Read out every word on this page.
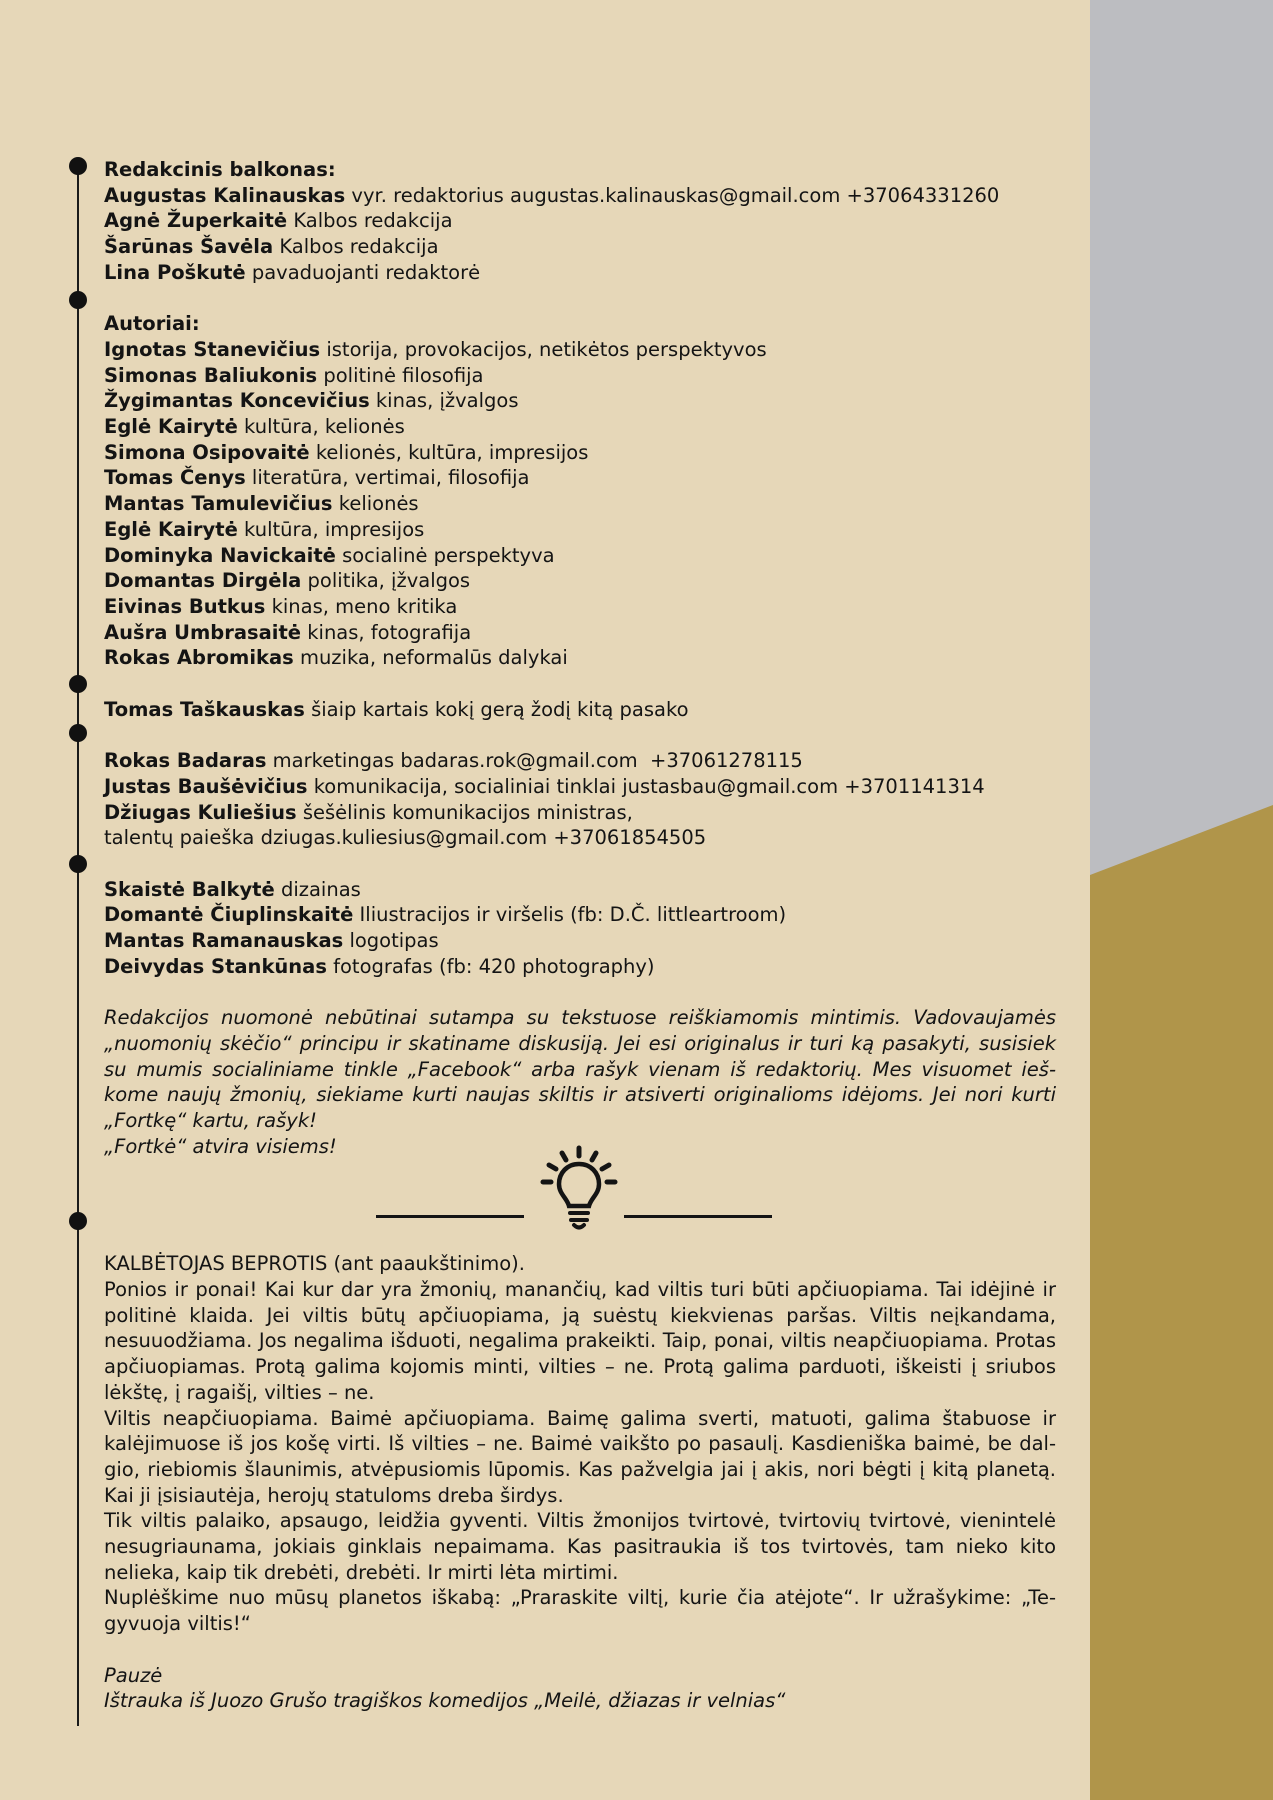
Redakcinis balkonas:
Augustas Kalinauskas vyr. redaktorius augustas.kalinauskas@gmail.com +37064331260
Agnė Župerkaitė Kalbos redakcija
Šarūnas Šavėla Kalbos redakcija
Lina Poškutė pavaduojanti redaktorė
Autoriai:
Ignotas Stanevičius istorija, provokacijos, netikėtos perspektyvos
Simonas Baliukonis politinė filosofija
Žygimantas Koncevičius kinas, įžvalgos
Eglė Kairytė kultūra, kelionės
Simona Osipovaitė kelionės, kultūra, impresijos
Tomas Čenys literatūra, vertimai, filosofija
Mantas Tamulevičius kelionės
Eglė Kairytė kultūra, impresijos
Dominyka Navickaitė socialinė perspektyva
Domantas Dirgėla politika, įžvalgos
Eivinas Butkus kinas, meno kritika
Aušra Umbrasaitė kinas, fotografija
Rokas Abromikas muzika, neformalūs dalykai
Tomas Taškauskas šiaip kartais kokį gerą žodį kitą pasako
Rokas Badaras marketingas badaras.rok@gmail.com  +37061278115
Justas Baušėvičius komunikacija, socialiniai tinklai justasbau@gmail.com +3701141314
Džiugas Kuliešius šešėlinis komunikacijos ministras,
talentų paieška dziugas.kuliesius@gmail.com +37061854505
Skaistė Balkytė dizainas
Domantė Čiuplinskaitė Iliustracijos ir viršelis (fb: D.Č. littleartroom)
Mantas Ramanauskas logotipas
Deivydas Stankūnas fotografas (fb: 420 photography)
Redakcijos nuomonė nebūtinai sutampa su tekstuose reiškiamomis mintimis. Vadovaujamės „nuomonių skėčio“ principu ir skatiname diskusiją. Jei esi originalus ir turi ką pasakyti, susisiek su mumis socialiniame tinkle „Facebook“ arba rašyk vienam iš redaktorių. Mes visuomet ieškome naujų žmonių, siekiame kurti naujas skiltis ir atsiverti originalioms idėjoms. Jei nori kurti „Fortkę“ kartu, rašyk!
„Fortkė“ atvira visiems!
KALBĖTOJAS BEPROTIS (ant paaukštinimo).
Ponios ir ponai! Kai kur dar yra žmonių, manančių, kad viltis turi būti apčiuopiama. Tai idėjinė ir politinė klaida. Jei viltis būtų apčiuopiama, ją suėstų kiekvienas paršas. Viltis neįkandama, nesuuodžiama. Jos negalima išduoti, negalima prakeikti. Taip, ponai, viltis neapčiuopiama. Protas apčiuopiamas. Protą galima kojomis minti, vilties – ne. Protą galima parduoti, iškeisti į sriubos lėkštę, į ragaišį, vilties – ne.
Viltis neapčiuopiama. Baimė apčiuopiama. Baimę galima sverti, matuoti, galima štabuose ir kalėjimuose iš jos košę virti. Iš vilties – ne. Baimė vaikšto po pasaulį. Kasdieniška baimė, be dalgio, riebiomis šlaunimis, atvėpusiomis lūpomis. Kas pažvelgia jai į akis, nori bėgti į kitą planetą. Kai ji įsisiautėja, herojų statuloms dreba širdys.
Tik viltis palaiko, apsaugo, leidžia gyventi. Viltis žmonijos tvirtovė, tvirtovių tvirtovė, vienintelė nesugriaunama, jokiais ginklais nepaimama. Kas pasitraukia iš tos tvirtovės, tam nieko kito nelieka, kaip tik drebėti, drebėti. Ir mirti lėta mirtimi.
Nuplėškime nuo mūsų planetos iškabą: „Praraskite viltį, kurie čia atėjote“. Ir užrašykime: „Tegyvuoja viltis!“
Pauzė
Ištrauka iš Juozo Grušo tragiškos komedijos „Meilė, džiazas ir velnias“
